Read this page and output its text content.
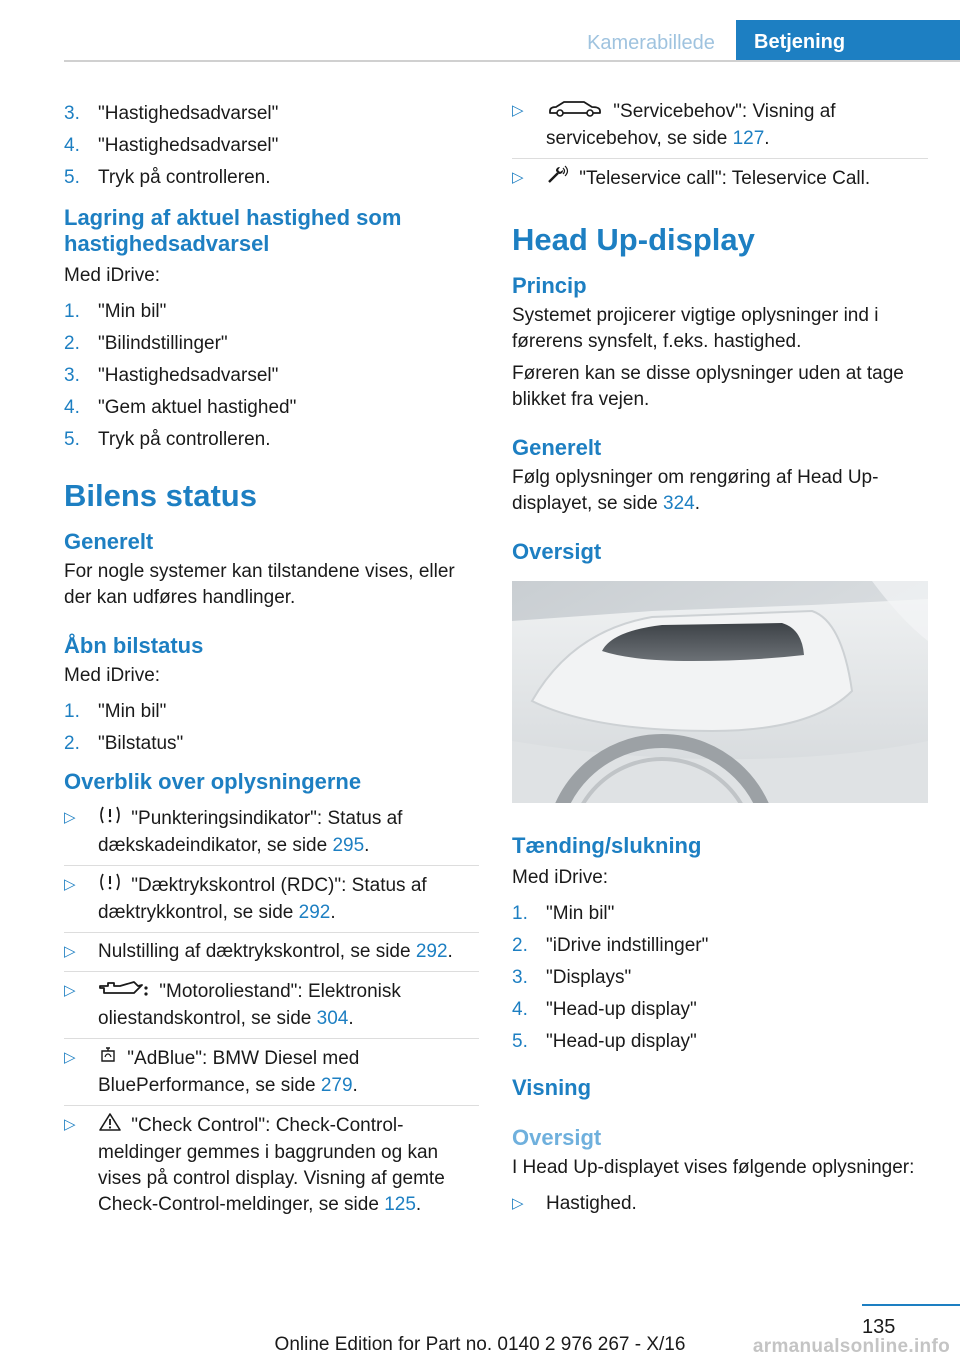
Kamerabillede	Betjening
3. "Hastighedsadvarsel"
4. "Hastighedsadvarsel"
5. Tryk på controlleren.
Lagring af aktuel hastighed som hastighedsadvarsel
Med iDrive:
1. "Min bil"
2. "Bilindstillinger"
3. "Hastighedsadvarsel"
4. "Gem aktuel hastighed"
5. Tryk på controlleren.
Bilens status
Generelt
For nogle systemer kan tilstandene vises, eller der kan udføres handlinger.
Åbn bilstatus
Med iDrive:
1. "Min bil"
2. "Bilstatus"
Overblik over oplysningerne
▷	"Punkteringsindikator": Status af dækskadeindikator, se side 295.
▷	"Dæktrykskontrol (RDC)": Status af dæktrykkontrol, se side 292.
▷	Nulstilling af dæktrykskontrol, se side 292.
▷	"Motoroliestand": Elektronisk oliestandskontrol, se side 304.
▷	"AdBlue": BMW Diesel med BluePerformance, se side 279.
▷	"Check Control": Check-Control-meldinger gemmes i baggrunden og kan vises på control display. Visning af gemte Check-Control-meldinger, se side 125.
▷	"Servicebehov": Visning af servicebehov, se side 127.
▷	"Teleservice call": Teleservice Call.
Head Up-display
Princip
Systemet projicerer vigtige oplysninger ind i førerens synsfelt, f.eks. hastighed.
Føreren kan se disse oplysninger uden at tage blikket fra vejen.
Generelt
Følg oplysninger om rengøring af Head Up-displayet, se side 324.
Oversigt
Tænding/slukning
Med iDrive:
1. "Min bil"
2. "iDrive indstillinger"
3. "Displays"
4. "Head-up display"
5. "Head-up display"
Visning
Oversigt
I Head Up-displayet vises følgende oplysninger:
▷	Hastighed.
135
Online Edition for Part no. 0140 2 976 267 - X/16	armanualsonline.info
